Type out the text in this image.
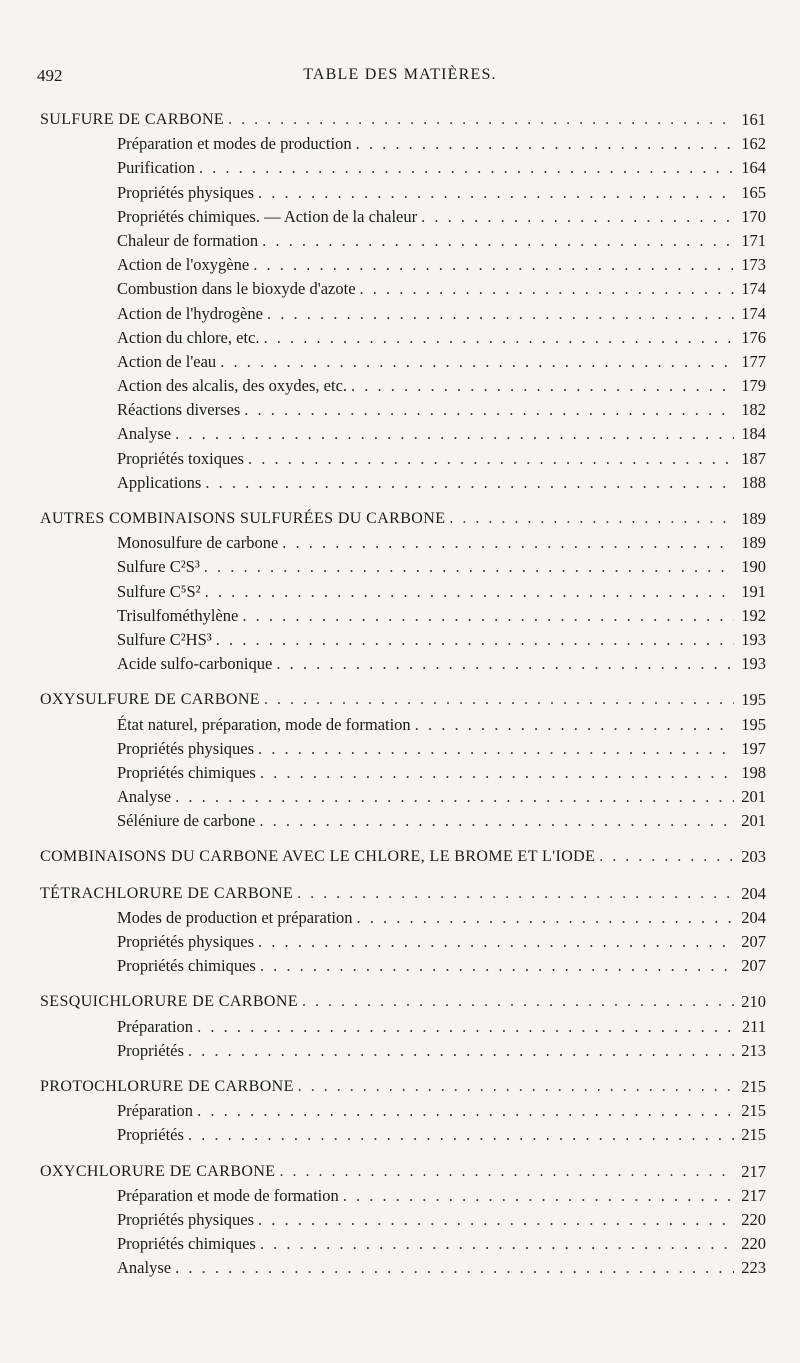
492	TABLE DES MATIÈRES.
SULFURE DE CARBONE . . .	161
Préparation et modes de production . . .	162
Purification . . .	164
Propriétés physiques . . .	165
Propriétés chimiques. — Action de la chaleur . . .	170
Chaleur de formation . . .	171
Action de l'oxygène . . .	173
Combustion dans le bioxyde d'azote . . .	174
Action de l'hydrogène . . .	174
Action du chlore, etc. . . .	176
Action de l'eau . . .	177
Action des alcalis, des oxydes, etc. . . .	179
Réactions diverses . . .	182
Analyse . . .	184
Propriétés toxiques . . .	187
Applications . . .	188
AUTRES COMBINAISONS SULFURÉES DU CARBONE . . .	189
Monosulfure de carbone . . .	189
Sulfure C²S³ . . .	190
Sulfure C⁵S² . . .	191
Trisulfométhylène . . .	192
Sulfure C²HS³ . . .	193
Acide sulfo-carbonique . . .	193
OXYSULFURE DE CARBONE . . .	195
État naturel, préparation, mode de formation . . .	195
Propriétés physiques . . .	197
Propriétés chimiques . . .	198
Analyse . . .	201
Séléniure de carbone . . .	201
COMBINAISONS DU CARBONE AVEC LE CHLORE, LE BROME ET L'IODE . . .	203
TÉTRACHLORURE DE CARBONE . . .	204
Modes de production et préparation . . .	204
Propriétés physiques . . .	207
Propriétés chimiques . . .	207
SESQUICHLORURE DE CARBONE . . .	210
Préparation . . .	211
Propriétés . . .	213
PROTOCHLORURE DE CARBONE . . .	215
Préparation . . .	215
Propriétés . . .	215
OXYCHLORURE DE CARBONE . . .	217
Préparation et mode de formation . . .	217
Propriétés physiques . . .	220
Propriétés chimiques . . .	220
Analyse . . .	223
